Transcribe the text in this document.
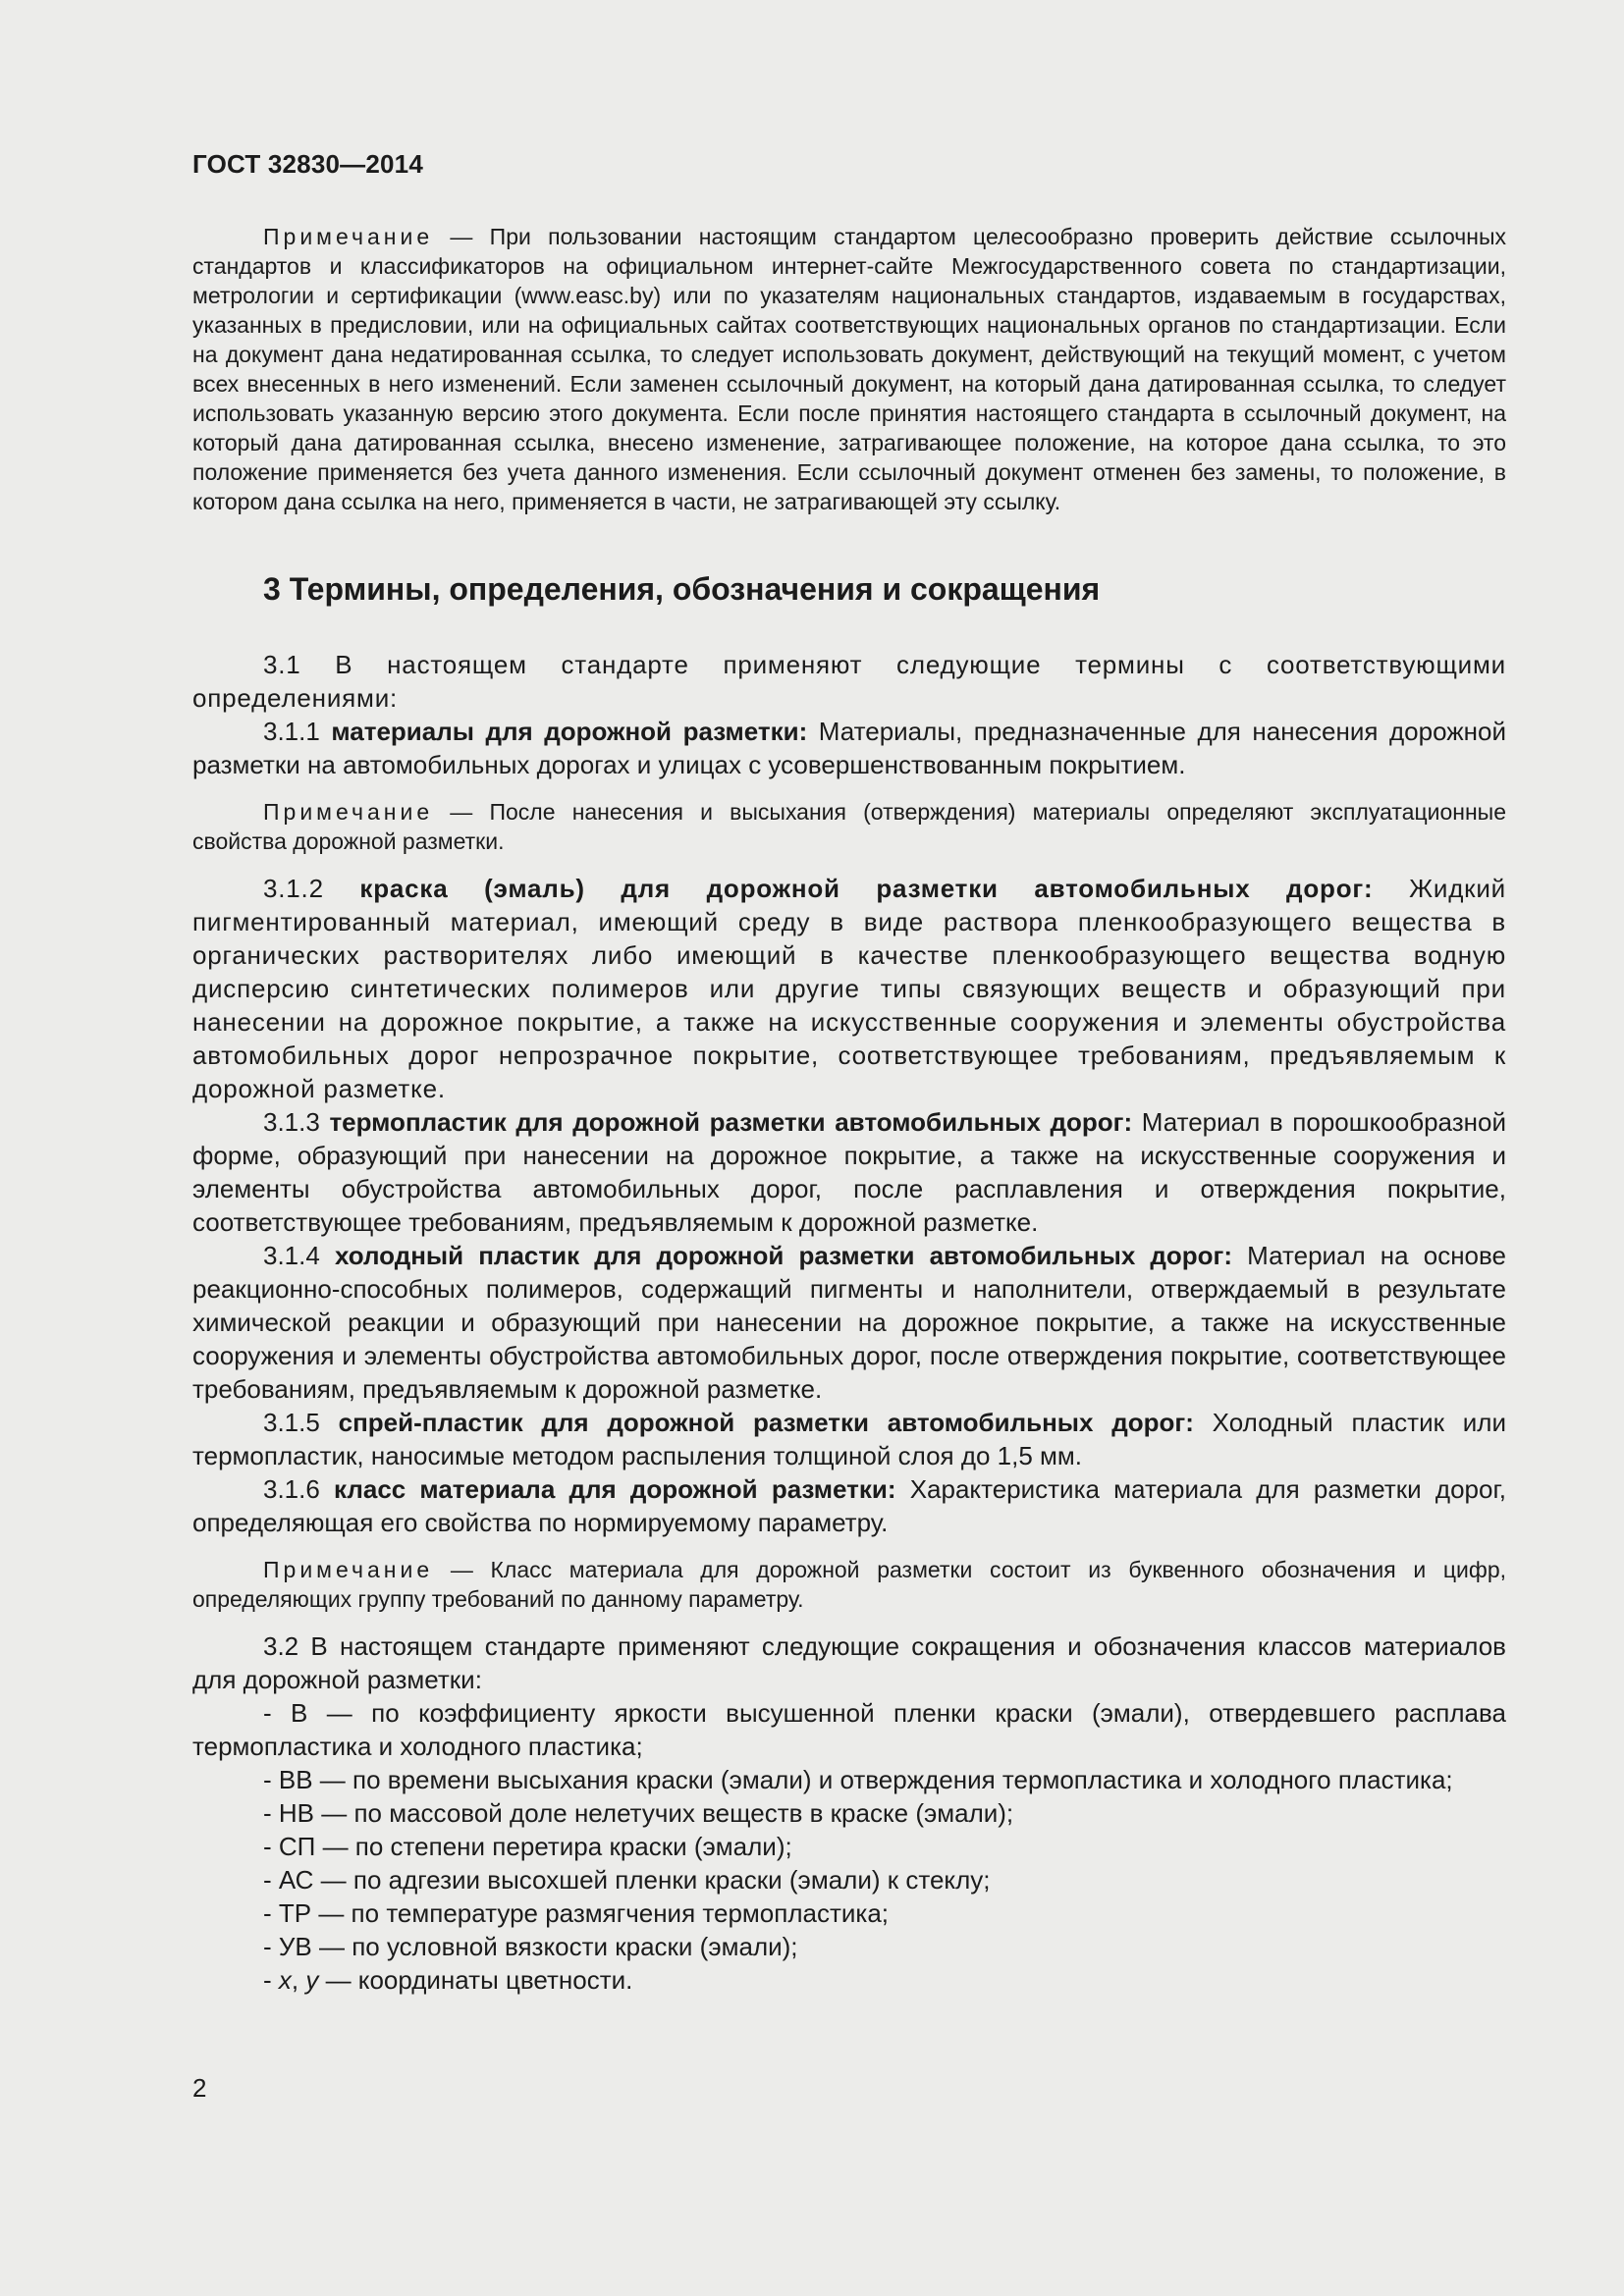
ГОСТ 32830—2014

Примечание — При пользовании настоящим стандартом целесообразно проверить действие ссылочных стандартов и классификаторов на официальном интернет-сайте Межгосударственного совета по стандартизации, метрологии и сертификации (www.easc.by) или по указателям национальных стандартов, издаваемым в государствах, указанных в предисловии, или на официальных сайтах соответствующих национальных органов по стандартизации. Если на документ дана недатированная ссылка, то следует использовать документ, действующий на текущий момент, с учетом всех внесенных в него изменений. Если заменен ссылочный документ, на который дана датированная ссылка, то следует использовать указанную версию этого документа. Если после принятия настоящего стандарта в ссылочный документ, на который дана датированная ссылка, внесено изменение, затрагивающее положение, на которое дана ссылка, то это положение применяется без учета данного изменения. Если ссылочный документ отменен без замены, то положение, в котором дана ссылка на него, применяется в части, не затрагивающей эту ссылку.

3 Термины, определения, обозначения и сокращения

3.1 В настоящем стандарте применяют следующие термины с соответствующими определениями:

3.1.1 материалы для дорожной разметки: Материалы, предназначенные для нанесения дорожной разметки на автомобильных дорогах и улицах с усовершенствованным покрытием.

Примечание — После нанесения и высыхания (отверждения) материалы определяют эксплуатационные свойства дорожной разметки.

3.1.2 краска (эмаль) для дорожной разметки автомобильных дорог: Жидкий пигментированный материал, имеющий среду в виде раствора пленкообразующего вещества в органических растворителях либо имеющий в качестве пленкообразующего вещества водную дисперсию синтетических полимеров или другие типы связующих веществ и образующий при нанесении на дорожное покрытие, а также на искусственные сооружения и элементы обустройства автомобильных дорог непрозрачное покрытие, соответствующее требованиям, предъявляемым к дорожной разметке.

3.1.3 термопластик для дорожной разметки автомобильных дорог: Материал в порошкообразной форме, образующий при нанесении на дорожное покрытие, а также на искусственные сооружения и элементы обустройства автомобильных дорог, после расплавления и отверждения покрытие, соответствующее требованиям, предъявляемым к дорожной разметке.

3.1.4 холодный пластик для дорожной разметки автомобильных дорог: Материал на основе реакционно-способных полимеров, содержащий пигменты и наполнители, отверждаемый в результате химической реакции и образующий при нанесении на дорожное покрытие, а также на искусственные сооружения и элементы обустройства автомобильных дорог, после отверждения покрытие, соответствующее требованиям, предъявляемым к дорожной разметке.

3.1.5 спрей-пластик для дорожной разметки автомобильных дорог: Холодный пластик или термопластик, наносимые методом распыления толщиной слоя до 1,5 мм.

3.1.6 класс материала для дорожной разметки: Характеристика материала для разметки дорог, определяющая его свойства по нормируемому параметру.

Примечание — Класс материала для дорожной разметки состоит из буквенного обозначения и цифр, определяющих группу требований по данному параметру.

3.2 В настоящем стандарте применяют следующие сокращения и обозначения классов материалов для дорожной разметки:

- В — по коэффициенту яркости высушенной пленки краски (эмали), отвердевшего расплава термопластика и холодного пластика;

- ВВ — по времени высыхания краски (эмали) и отверждения термопластика и холодного пластика;

- НВ — по массовой доле нелетучих веществ в краске (эмали);

- СП — по степени перетира краски (эмали);

- АС — по адгезии высохшей пленки краски (эмали) к стеклу;

- ТР — по температуре размягчения термопластика;

- УВ — по условной вязкости краски (эмали);

- x, y — координаты цветности.

2
